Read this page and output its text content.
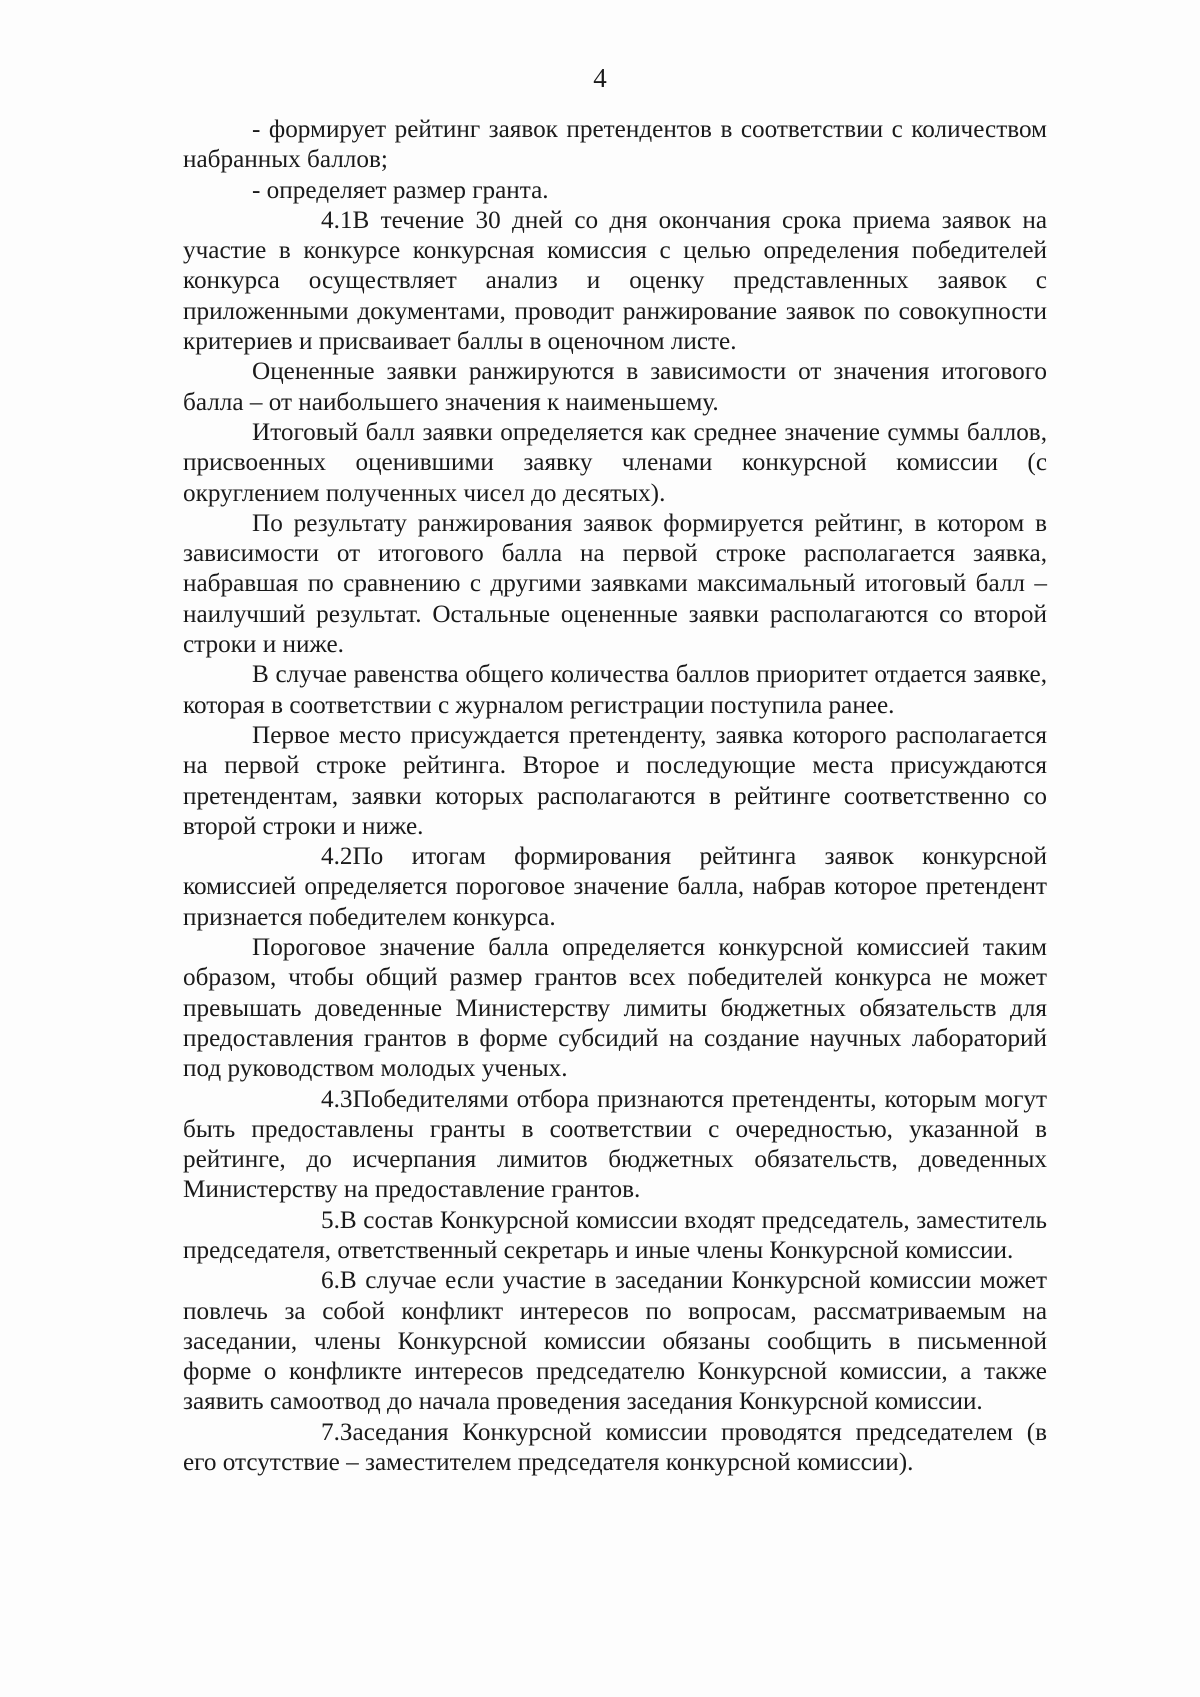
4

- формирует рейтинг заявок претендентов в соответствии с количеством набранных баллов;

- определяет размер гранта.

4.1В течение 30 дней со дня окончания срока приема заявок на участие в конкурсе конкурсная комиссия с целью определения победителей конкурса осуществляет анализ и оценку представленных заявок с приложенными документами, проводит ранжирование заявок по совокупности критериев и присваивает баллы в оценочном листе.

Оцененные заявки ранжируются в зависимости от значения итогового балла – от наибольшего значения к наименьшему.

Итоговый балл заявки определяется как среднее значение суммы баллов, присвоенных оценившими заявку членами конкурсной комиссии (с округлением полученных чисел до десятых).

По результату ранжирования заявок формируется рейтинг, в котором в зависимости от итогового балла на первой строке располагается заявка, набравшая по сравнению с другими заявками максимальный итоговый балл – наилучший результат. Остальные оцененные заявки располагаются со второй строки и ниже.

В случае равенства общего количества баллов приоритет отдается заявке, которая в соответствии с журналом регистрации поступила ранее.

Первое место присуждается претенденту, заявка которого располагается на первой строке рейтинга. Второе и последующие места присуждаются претендентам, заявки которых располагаются в рейтинге соответственно со второй строки и ниже.

4.2По итогам формирования рейтинга заявок конкурсной комиссией определяется пороговое значение балла, набрав которое претендент признается победителем конкурса.

Пороговое значение балла определяется конкурсной комиссией таким образом, чтобы общий размер грантов всех победителей конкурса не может превышать доведенные Министерству лимиты бюджетных обязательств для предоставления грантов в форме субсидий на создание научных лабораторий под руководством молодых ученых.

4.3Победителями отбора признаются претенденты, которым могут быть предоставлены гранты в соответствии с очередностью, указанной в рейтинге, до исчерпания лимитов бюджетных обязательств, доведенных Министерству на предоставление грантов.

5.В состав Конкурсной комиссии входят председатель, заместитель председателя, ответственный секретарь и иные члены Конкурсной комиссии.

6.В случае если участие в заседании Конкурсной комиссии может повлечь за собой конфликт интересов по вопросам, рассматриваемым на заседании, члены Конкурсной комиссии обязаны сообщить в письменной форме о конфликте интересов председателю Конкурсной комиссии, а также заявить самоотвод до начала проведения заседания Конкурсной комиссии.

7.Заседания Конкурсной комиссии проводятся председателем (в его отсутствие – заместителем председателя конкурсной комиссии).
